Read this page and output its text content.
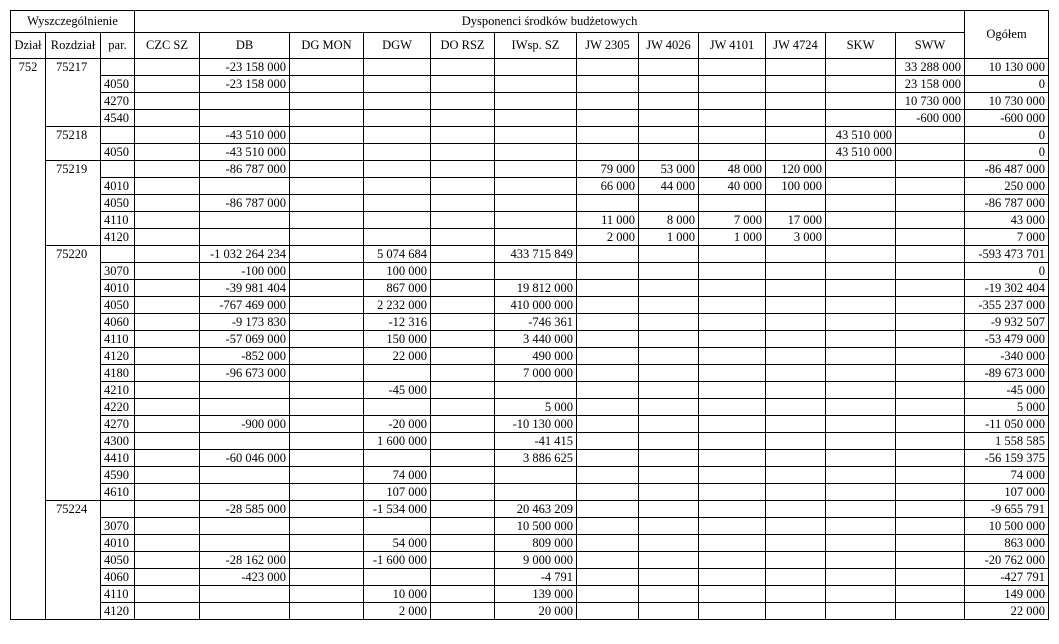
Wyszczególnienie			Dysponenci środków budżetowych												Ogółem
Dział	Rozdział	par.	CZC SZ	DB	DG MON	DGW	DO RSZ	IWsp. SZ	JW 2305	JW 4026	JW 4101	JW 4724	SKW	SWW	
752	75217			-23 158 000										33 288 000	10 130 000
		4050		-23 158 000										23 158 000	0
		4270												10 730 000	10 730 000
		4540												-600 000	-600 000
	75218			-43 510 000									43 510 000		0
		4050		-43 510 000									43 510 000		0
	75219			-86 787 000					79 000	53 000	48 000	120 000			-86 487 000
		4010							66 000	44 000	40 000	100 000			250 000
		4050		-86 787 000											-86 787 000
		4110							11 000	8 000	7 000	17 000			43 000
		4120							2 000	1 000	1 000	3 000			7 000
	75220			-1 032 264 234		5 074 684		433 715 849							-593 473 701
		3070		-100 000		100 000									0
		4010		-39 981 404		867 000		19 812 000							-19 302 404
		4050		-767 469 000		2 232 000		410 000 000							-355 237 000
		4060		-9 173 830		-12 316		-746 361							-9 932 507
		4110		-57 069 000		150 000		3 440 000							-53 479 000
		4120		-852 000		22 000		490 000							-340 000
		4180		-96 673 000				7 000 000							-89 673 000
		4210				-45 000									-45 000
		4220						5 000							5 000
		4270		-900 000		-20 000		-10 130 000							-11 050 000
		4300				1 600 000		-41 415							1 558 585
		4410		-60 046 000				3 886 625							-56 159 375
		4590				74 000									74 000
		4610				107 000									107 000
	75224			-28 585 000		-1 534 000		20 463 209							-9 655 791
		3070						10 500 000							10 500 000
		4010				54 000		809 000							863 000
		4050		-28 162 000		-1 600 000		9 000 000							-20 762 000
		4060		-423 000				-4 791							-427 791
		4110				10 000		139 000							149 000
		4120				2 000		20 000							22 000
